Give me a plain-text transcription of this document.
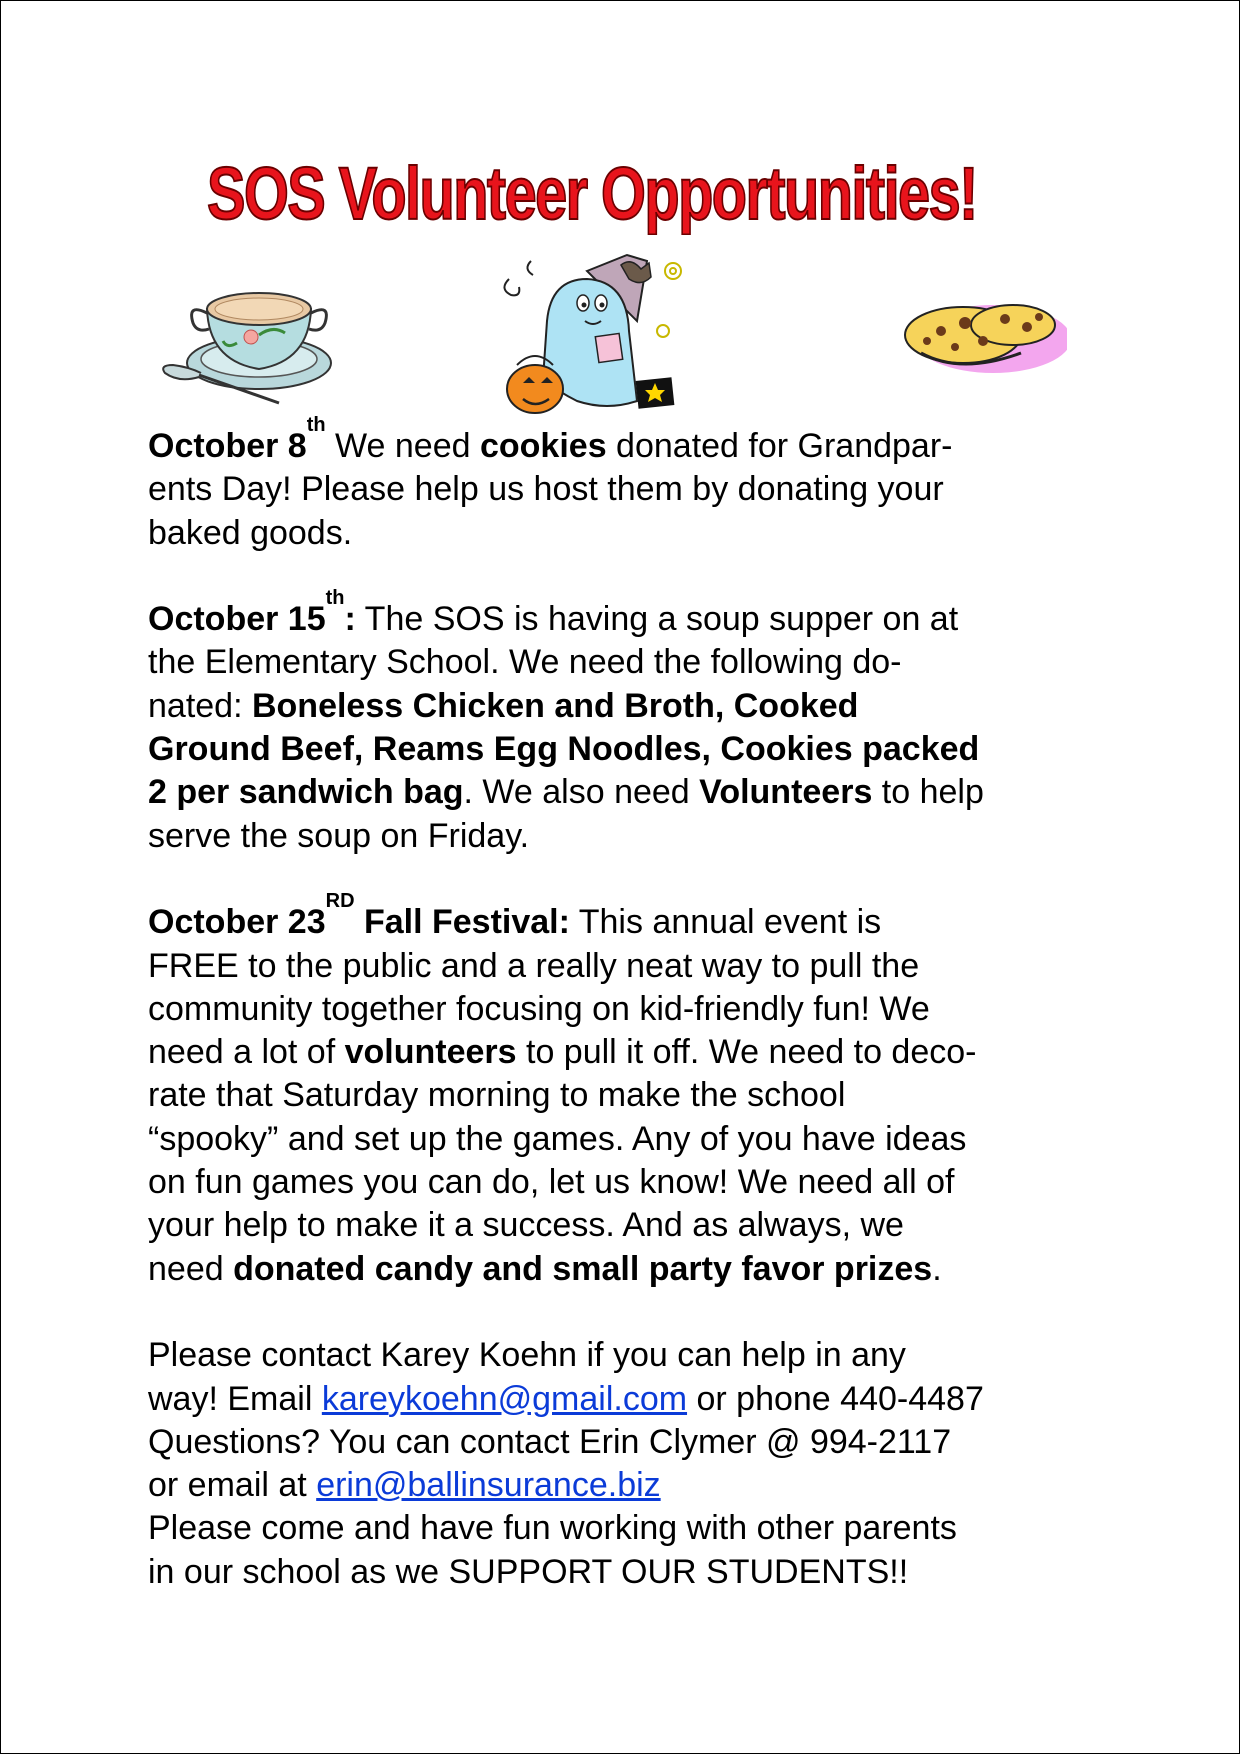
SOS Volunteer Opportunities!

October 8th We need cookies donated for Grandpar-
ents Day! Please help us host them by donating your
baked goods.

October 15th: The SOS is having a soup supper on at
the Elementary School. We need the following do-
nated: Boneless Chicken and Broth, Cooked
Ground Beef, Reams Egg Noodles, Cookies packed
2 per sandwich bag. We also need Volunteers to help
serve the soup on Friday.

October 23RD Fall Festival: This annual event is
FREE to the public and a really neat way to pull the
community together focusing on kid-friendly fun! We
need a lot of volunteers to pull it off. We need to deco-
rate that Saturday morning to make the school
“spooky” and set up the games. Any of you have ideas
on fun games you can do, let us know! We need all of
your help to make it a success. And as always, we
need donated candy and small party favor prizes.

Please contact Karey Koehn if you can help in any
way! Email kareykoehn@gmail.com or phone 440-4487
Questions? You can contact Erin Clymer @ 994-2117
or email at erin@ballinsurance.biz
Please come and have fun working with other parents
in our school as we SUPPORT OUR STUDENTS!!
